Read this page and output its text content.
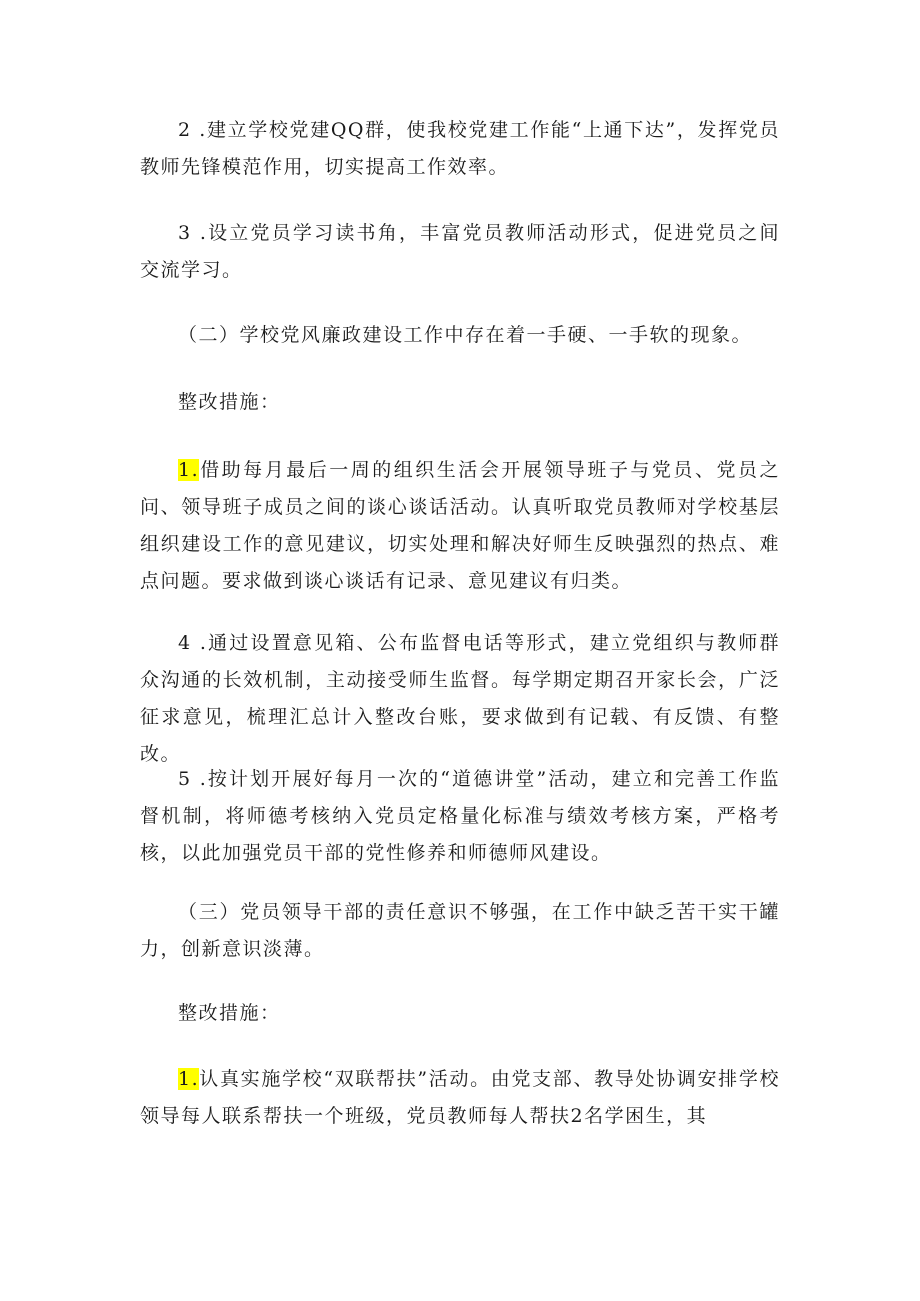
2 .建立学校党建QQ群，使我校党建工作能“上通下达”，发挥党员教师先锋模范作用，切实提高工作效率。

3 .设立党员学习读书角，丰富党员教师活动形式，促进党员之间交流学习。

（二）学校党风廉政建设工作中存在着一手硬、一手软的现象。

整改措施：

1.借助每月最后一周的组织生活会开展领导班子与党员、党员之问、领导班子成员之间的谈心谈话活动。认真听取党员教师对学校基层组织建设工作的意见建议，切实处理和解决好师生反映强烈的热点、难点问题。要求做到谈心谈话有记录、意见建议有归类。

4 .通过设置意见箱、公布监督电话等形式，建立党组织与教师群众沟通的长效机制，主动接受师生监督。每学期定期召开家长会，广泛征求意见，梳理汇总计入整改台账，要求做到有记载、有反馈、有整改。

5 .按计划开展好每月一次的“道德讲堂”活动，建立和完善工作监督机制，将师德考核纳入党员定格量化标准与绩效考核方案，严格考核，以此加强党员干部的党性修养和师德师风建设。

（三）党员领导干部的责任意识不够强，在工作中缺乏苦干实干罐力，创新意识淡薄。

整改措施：

1.认真实施学校“双联帮扶”活动。由党支部、教导处协调安排学校领导每人联系帮扶一个班级，党员教师每人帮扶2名学困生，其
